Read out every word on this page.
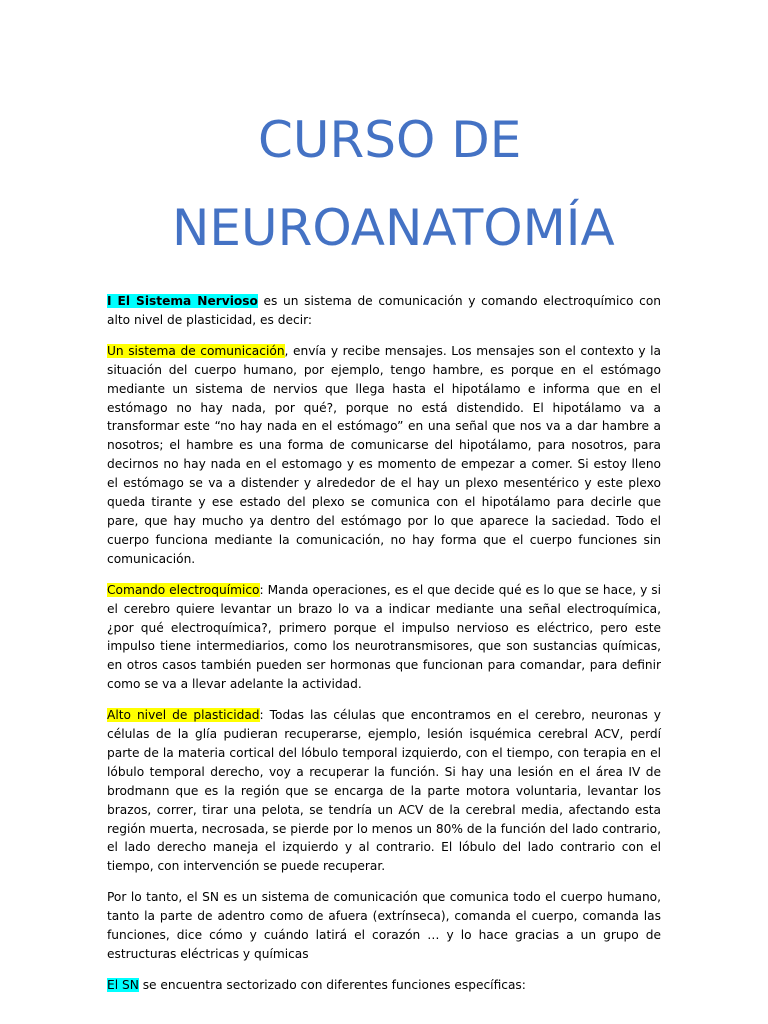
CURSO DE
NEUROANATOMÍA

I El Sistema Nervioso es un sistema de comunicación y comando electroquímico con alto nivel de plasticidad, es decir:

Un sistema de comunicación, envía y recibe mensajes. Los mensajes son el contexto y la situación del cuerpo humano, por ejemplo, tengo hambre, es porque en el estómago mediante un sistema de nervios que llega hasta el hipotálamo e informa que en el estómago no hay nada, por qué?, porque no está distendido. El hipotálamo va a transformar este “no hay nada en el estómago” en una señal que nos va a dar hambre a nosotros; el hambre es una forma de comunicarse del hipotálamo, para nosotros, para decirnos no hay nada en el estomago y es momento de empezar a comer. Si estoy lleno el estómago se va a distender y alrededor de el hay un plexo mesentérico y este plexo queda tirante y ese estado del plexo se comunica con el hipotálamo para decirle que pare, que hay mucho ya dentro del estómago por lo que aparece la saciedad. Todo el cuerpo funciona mediante la comunicación, no hay forma que el cuerpo funciones sin comunicación.

Comando electroquímico: Manda operaciones, es el que decide qué es lo que se hace, y si el cerebro quiere levantar un brazo lo va a indicar mediante una señal electroquímica, ¿por qué electroquímica?, primero porque el impulso nervioso es eléctrico, pero este impulso tiene intermediarios, como los neurotransmisores, que son sustancias químicas, en otros casos también pueden ser hormonas que funcionan para comandar, para definir como se va a llevar adelante la actividad.

Alto nivel de plasticidad: Todas las células que encontramos en el cerebro, neuronas y células de la glía pudieran recuperarse, ejemplo, lesión isquémica cerebral ACV, perdí parte de la materia cortical del lóbulo temporal izquierdo, con el tiempo, con terapia en el lóbulo temporal derecho, voy a recuperar la función. Si hay una lesión en el área IV de brodmann que es la región que se encarga de la parte motora voluntaria, levantar los brazos, correr, tirar una pelota, se tendría un ACV de la cerebral media, afectando esta región muerta, necrosada, se pierde por lo menos un 80% de la función del lado contrario, el lado derecho maneja el izquierdo y al contrario. El lóbulo del lado contrario con el tiempo, con intervención se puede recuperar.

Por lo tanto, el SN es un sistema de comunicación que comunica todo el cuerpo humano, tanto la parte de adentro como de afuera (extrínseca), comanda el cuerpo, comanda las funciones, dice cómo y cuándo latirá el corazón … y lo hace gracias a un grupo de estructuras eléctricas y químicas

El SN se encuentra sectorizado con diferentes funciones específicas:
